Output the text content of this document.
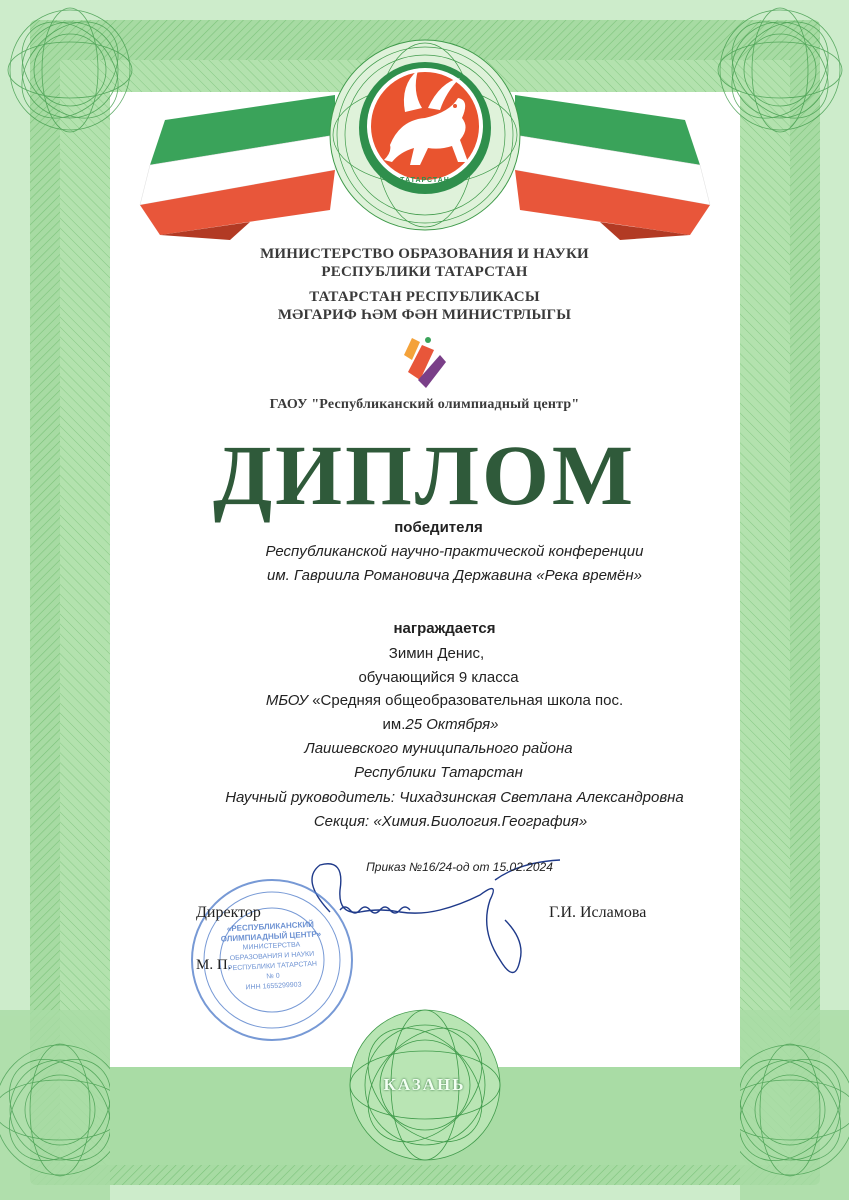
МИНИСТЕРСТВО ОБРАЗОВАНИЯ И НАУКИ
РЕСПУБЛИКИ ТАТАРСТАН
ТАТАРСТАН РЕСПУБЛИКАСЫ
МӘГАРИФ ҺӘМ ФӘН МИНИСТРЛЫГЫ
ГАОУ "Республиканский олимпиадный центр"
ДИПЛОМ
победителя
Республиканской научно-практической конференции
им. Гавриила Романовича Державина «Река времён»
награждается
Зимин Денис,
обучающийся 9 класса
МБОУ «Средняя общеобразовательная школа пос.
им.25 Октября»
Лаишевского муниципального района
Республики Татарстан
Научный руководитель: Чихадзинская Светлана Александровна
Секция: «Химия.Биология.География»
Приказ №16/24-од от 15.02.2024
Директор	Г.И. Исламова
М. П.
«РЕСПУБЛИКАНСКИЙ
ОЛИМПИАДНЫЙ ЦЕНТР»
МИНИСТЕРСТВА
ОБРАЗОВАНИЯ И НАУКИ
РЕСПУБЛИКИ ТАТАРСТАН
№ 0
ИНН 1655299903
ТАТАРСТАН
КАЗАНЬ
